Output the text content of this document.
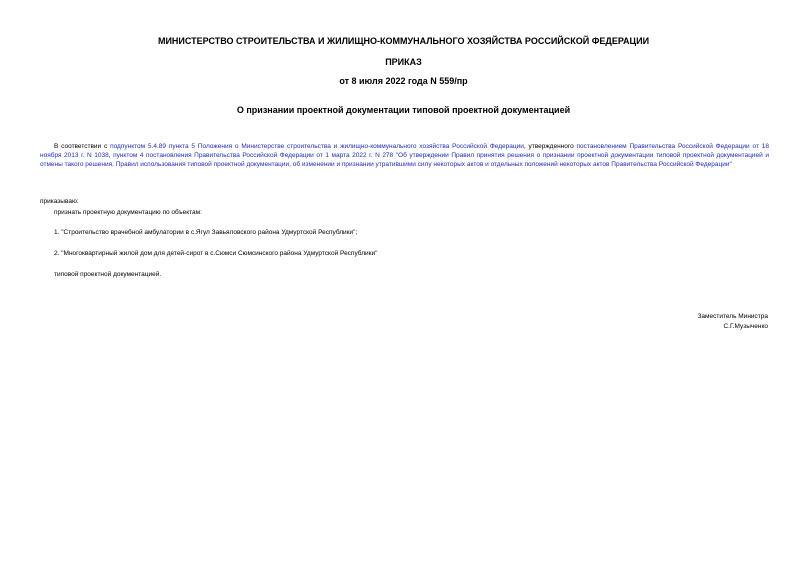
МИНИСТЕРСТВО СТРОИТЕЛЬСТВА И ЖИЛИЩНО-КОММУНАЛЬНОГО ХОЗЯЙСТВА РОССИЙСКОЙ ФЕДЕРАЦИИ
ПРИКАЗ
от 8 июля 2022 года N 559/пр
О признании проектной документации типовой проектной документацией
В соответствии с подпунктом 5.4.89 пункта 5 Положения о Министерстве строительства и жилищно-коммунального хозяйства Российской Федерации, утвержденного постановлением Правительства Российской Федерации от 18 ноября 2013 г. N 1038, пунктом 4 постановления Правительства Российской Федерации от 1 марта 2022 г. N 278 "Об утверждении Правил принятия решения о признании проектной документации типовой проектной документацией и отмены такого решения, Правил использования типовой проектной документации, об изменении и признании утратившими силу некоторых актов и отдельных положений некоторых актов Правительства Российской Федерации"
приказываю:
признать проектную документацию по объектам:
1. "Строительство врачебной амбулатории в с.Ягул Завьяловского района Удмуртской Республики";
2. "Многоквартирный жилой дом для детей-сирот в с.Сюмси Сюмсинского района Удмуртской Республики"
типовой проектной документацией.
Заместитель Министра
С.Г.Музыченко
